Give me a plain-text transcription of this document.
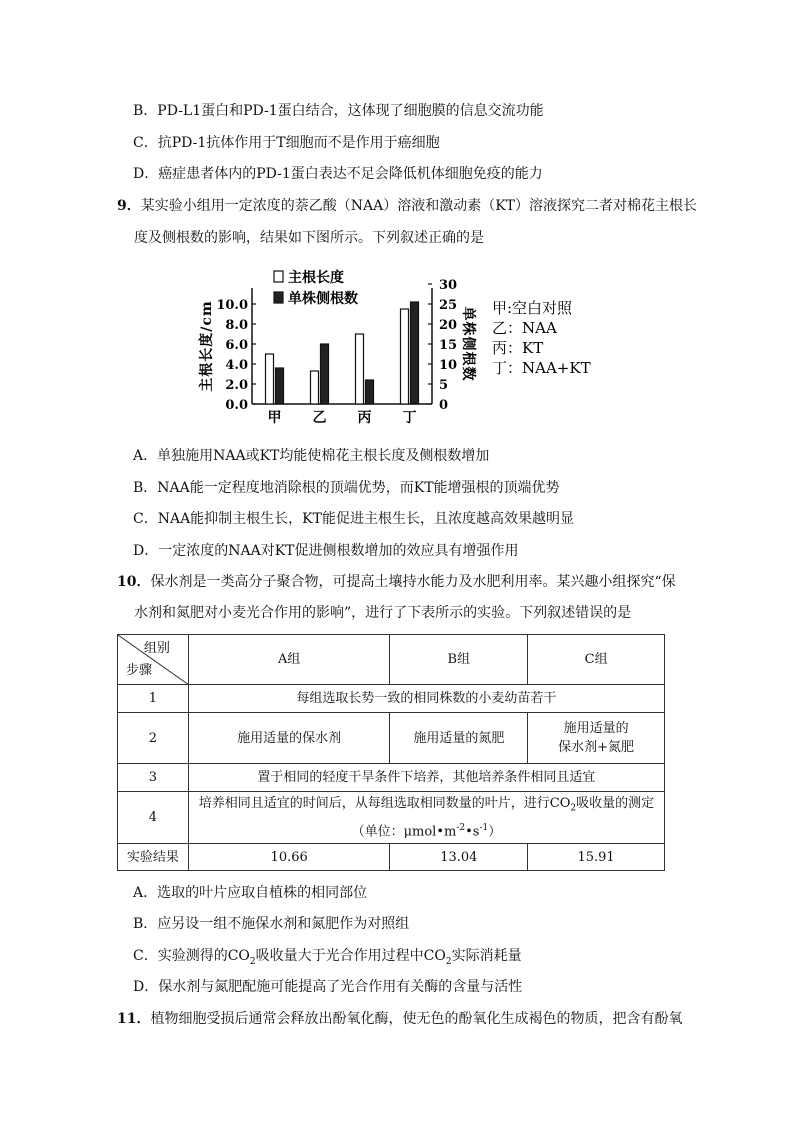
B．PD-L1蛋白和PD-1蛋白结合，这体现了细胞膜的信息交流功能
C．抗PD-1抗体作用于T细胞而不是作用于癌细胞
D．癌症患者体内的PD-1蛋白表达不足会降低机体细胞免疫的能力
9．某实验小组用一定浓度的萘乙酸（NAA）溶液和激动素（KT）溶液探究二者对棉花主根长
度及侧根数的影响，结果如下图所示。下列叙述正确的是
0.0
2.0
4.0
6.0
8.0
10.0
0
5
10
15
20
25
30
甲 乙 丙 丁
主根长度/cm	单株侧根数
主根长度
单株侧根数	甲:空白对照
乙：NAA
丙：KT
丁：NAA+KT
A．单独施用NAA或KT均能使棉花主根长度及侧根数增加
B．NAA能一定程度地消除根的顶端优势，而KT能增强根的顶端优势
C．NAA能抑制主根生长，KT能促进主根生长，且浓度越高效果越明显
D．一定浓度的NAA对KT促进侧根数增加的效应具有增强作用
10．保水剂是一类高分子聚合物，可提高土壤持水能力及水肥利用率。某兴趣小组探究“保
水剂和氮肥对小麦光合作用的影响”，进行了下表所示的实验。下列叙述错误的是
组别
步骤	A组	B组	C组
1	每组选取长势一致的相同株数的小麦幼苗若干		
2	施用适量的保水剂	施用适量的氮肥	施用适量的
保水剂+氮肥

3	置于相同的轻度干旱条件下培养，其他培养条件相同且适宜		
4	培养相同且适宜的时间后，从每组选取相同数量的叶片，进行$CO_2$吸收量的测定
（单位：$\mu mol•m^{-2}•s^{-1}$）		

实验结果	10.66	13.04	15.91
A．选取的叶片应取自植株的相同部位
B．应另设一组不施保水剂和氮肥作为对照组
C．实验测得的$CO_2$吸收量大于光合作用过程中$CO_2$实际消耗量
D．保水剂与氮肥配施可能提高了光合作用有关酶的含量与活性
11．植物细胞受损后通常会释放出酚氧化酶，使无色的酚氧化生成褐色的物质，把含有酚氧
